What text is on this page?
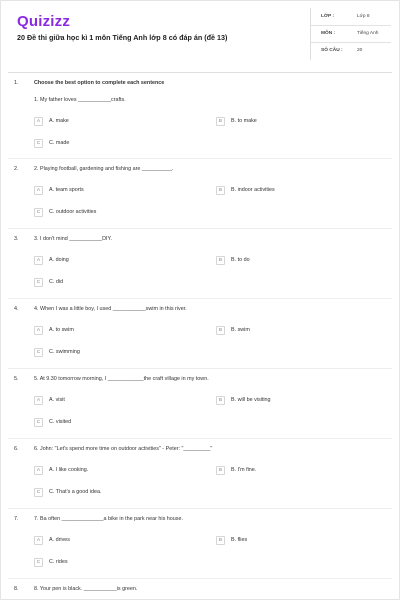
Quizizz
20 Đề thi giữa học kì 1 môn Tiếng Anh lớp 8 có đáp án (đề 13)
LỚP :	Lớp 8
MÔN :	Tiếng Anh
SỐ CÂU :	20
1.	Choose the best option to complete each sentence
1. My father loves ___________crafts.
A	A. make	B	B. to make
C	C. made
2.	2. Playing football, gardening and fishing are __________.
A	A. team sports	B	B. indoor activities
C	C. outdoor activities
3.	3. I don't mind ___________DIY.
A	A. doing	B	B. to do
C	C. did
4.	4. When I was a little boy, I used ___________swim in this river.
A	A. to swim	B	B. swim
C	C. swimming
5.	5. At 9.30 tomorrow morning, I ____________the craft village in my town.
A	A. visit	B	B. will be visiting
C	C. visited
6.	6. John: "Let's spend more time on outdoor activities" - Peter: "_________"
A	A. I like cooking.	B	B. I'm fine.
C	C. That's a good idea.
7.	7. Ba often ______________a bike in the park near his house.
A	A. drives	B	B. flies
C	C. rides
8.	8. Your pen is black. ___________is green.
